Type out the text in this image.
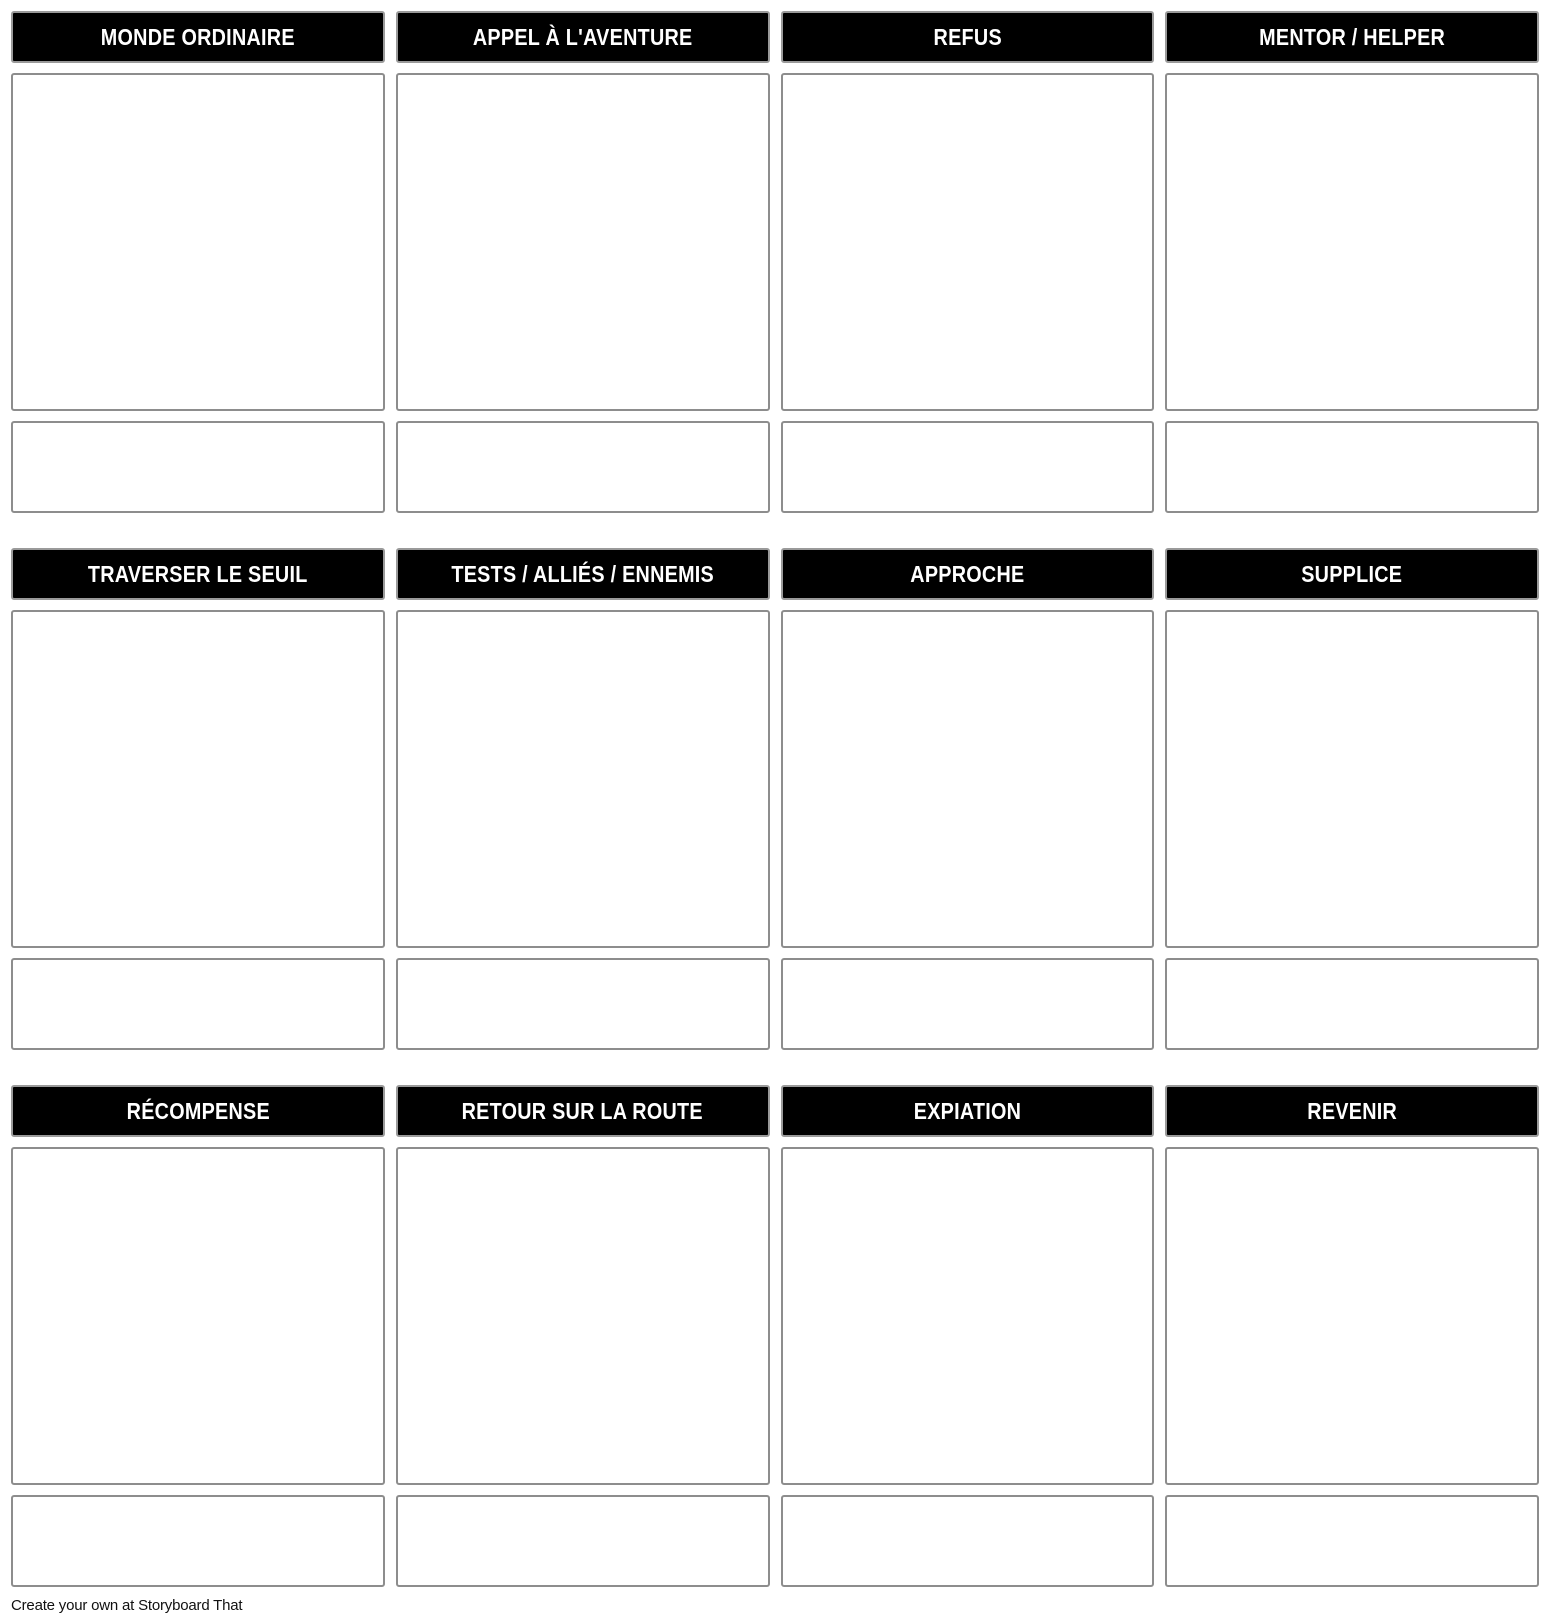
MONDE ORDINAIRE	APPEL À L'AVENTURE	REFUS	MENTOR / HELPER
TRAVERSER LE SEUIL	TESTS / ALLIÉS / ENNEMIS	APPROCHE	SUPPLICE
RÉCOMPENSE	RETOUR SUR LA ROUTE	EXPIATION	REVENIR
Create your own at Storyboard That
